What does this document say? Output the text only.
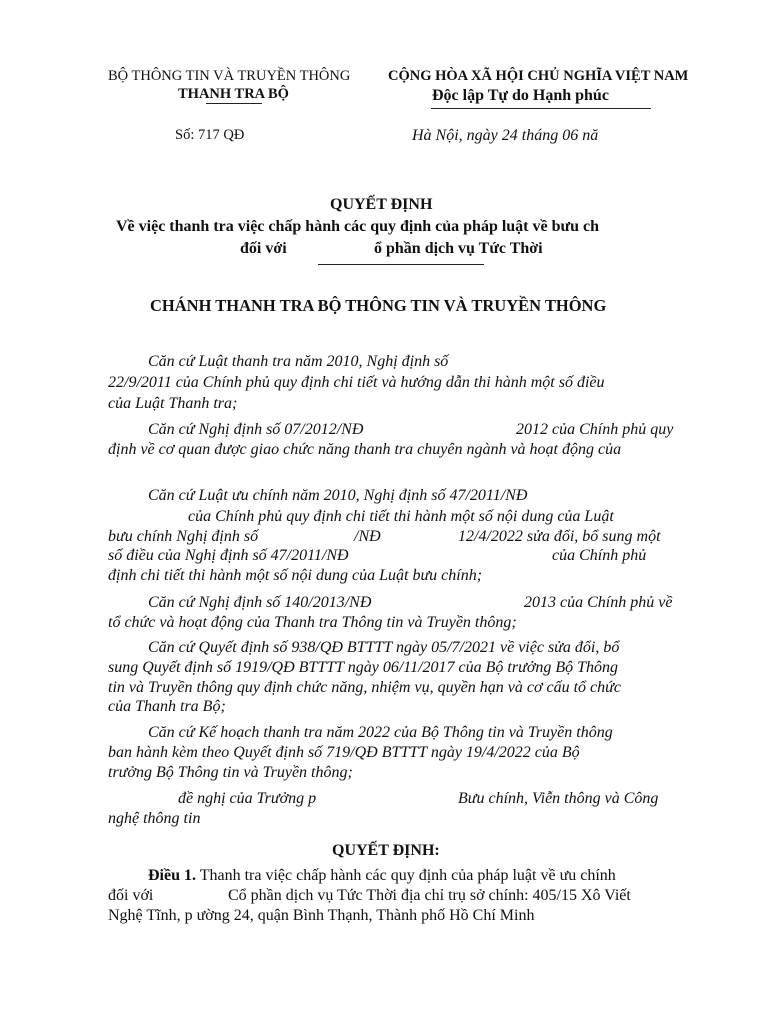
BỘ THÔNG TIN VÀ TRUYỀN THÔNG
THANH TRA BỘ
Số: 717 QĐ
CỘNG HÒA XÃ HỘI CHỦ NGHĨA VIỆT NAM
Độc lập Tự do Hạnh phúc
Hà Nội, ngày 24 tháng 06 nă
QUYẾT ĐỊNH
Về việc thanh tra việc chấp hành các quy định của pháp luật về bưu ch
đối với	ổ phần dịch vụ Tức Thời
CHÁNH THANH TRA BỘ THÔNG TIN VÀ TRUYỀN THÔNG
Căn cứ Luật thanh tra năm 2010, Nghị định số
22/9/2011 của Chính phủ quy định chi tiết và hướng dẫn thi hành một số điều
của Luật Thanh tra;
Căn cứ Nghị định số 07/2012/NĐ	2012 của Chính phủ quy
định về cơ quan được giao chức năng thanh tra chuyên ngành và hoạt động của
Căn cứ Luật ưu chính năm 2010, Nghị định số 47/2011/NĐ
của Chính phủ quy định chi tiết thi hành một số nội dung của Luật
bưu chính Nghị định số	/NĐ	12/4/2022 sửa đổi, bổ sung một
số điều của Nghị định số 47/2011/NĐ	của Chính phủ
định chi tiết thi hành một số nội dung của Luật bưu chính;
Căn cứ Nghị định số 140/2013/NĐ	2013 của Chính phủ về
tổ chức và hoạt động của Thanh tra Thông tin và Truyền thông;
Căn cứ Quyết định số 938/QĐ BTTTT ngày 05/7/2021 về việc sửa đổi, bổ
sung Quyết định số 1919/QĐ BTTTT ngày 06/11/2017 của Bộ trưởng Bộ Thông
tin và Truyền thông quy định chức năng, nhiệm vụ, quyền hạn và cơ cấu tổ chức
của Thanh tra Bộ;
Căn cứ Kế hoạch thanh tra năm 2022 của Bộ Thông tin và Truyền thông
ban hành kèm theo Quyết định số 719/QĐ BTTTT ngày 19/4/2022 của Bộ
trưởng Bộ Thông tin và Truyền thông;
đề nghị của Trưởng p	Bưu chính, Viễn thông và Công
nghệ thông tin
QUYẾT ĐỊNH:
Điều 1. Thanh tra việc chấp hành các quy định của pháp luật về ưu chính
đối với	Cổ phần dịch vụ Tức Thời địa chỉ trụ sở chính: 405/15 Xô Viết
Nghệ Tĩnh, p ường 24, quận Bình Thạnh, Thành phố Hồ Chí Minh
